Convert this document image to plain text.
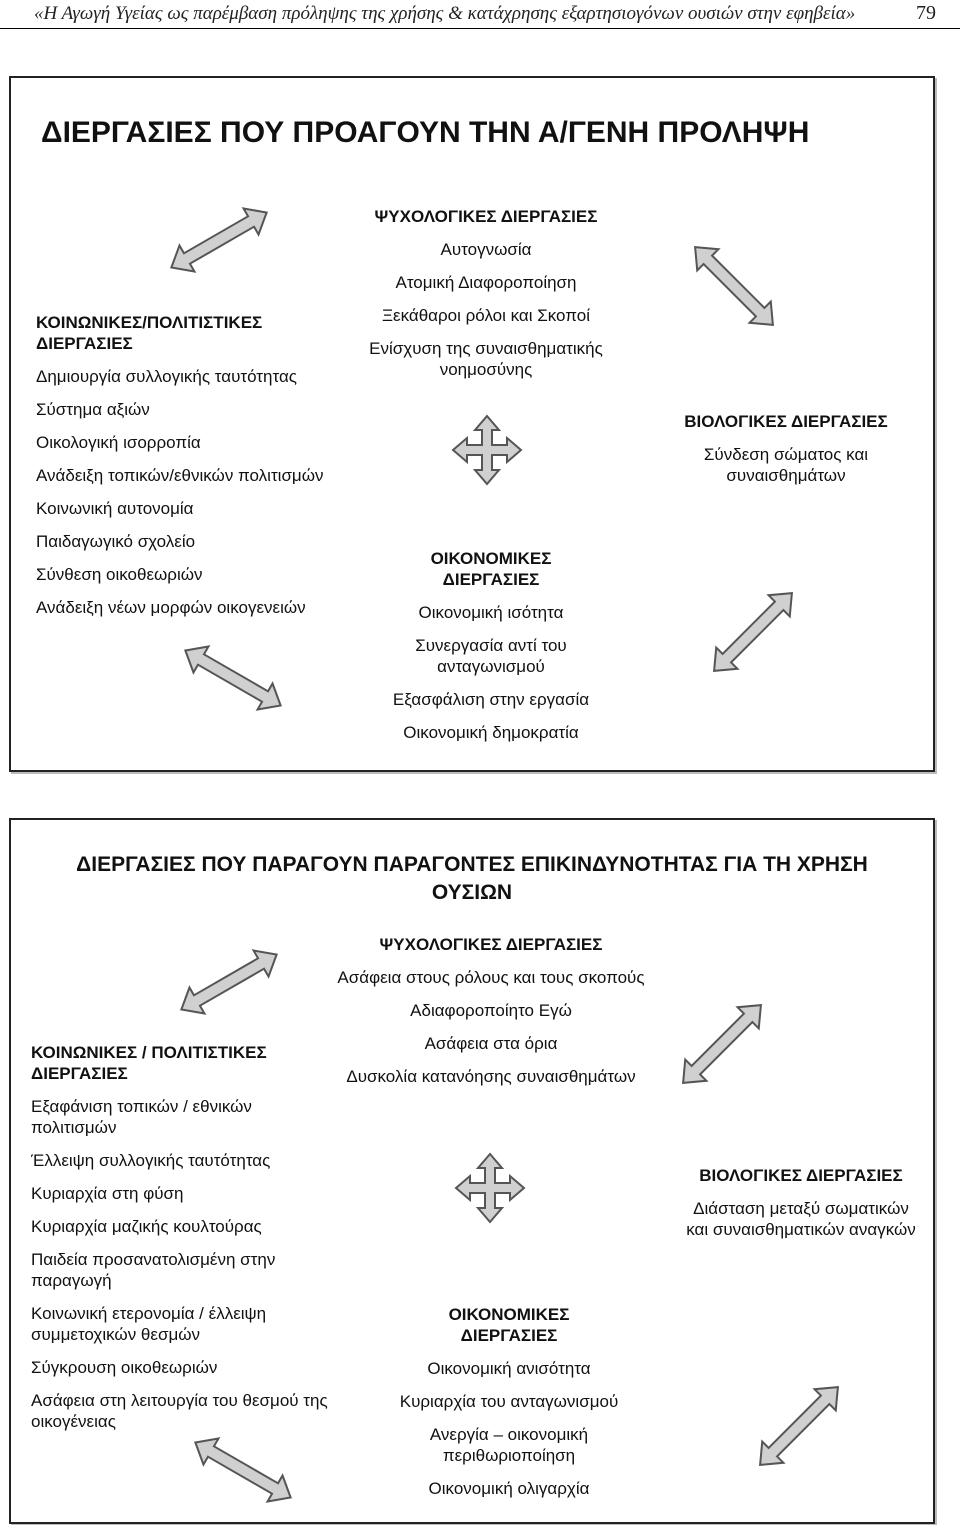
«Η Αγωγή Υγείας ως παρέμβαση πρόληψης της χρήσης & κατάχρησης εξαρτησιογόνων ουσιών στην εφηβεία»	79
ΔΙΕΡΓΑΣΙΕΣ ΠΟΥ ΠΡΟΑΓΟΥΝ ΤΗΝ Α/ΓΕΝΗ ΠΡΟΛΗΨΗ
ΨΥΧΟΛΟΓΙΚΕΣ ΔΙΕΡΓΑΣΙΕΣ
Αυτογνωσία
Ατομική Διαφοροποίηση
Ξεκάθαροι ρόλοι και Σκοποί
Ενίσχυση της συναισθηματικής νοημοσύνης
ΚΟΙΝΩΝΙΚΕΣ/ΠΟΛΙΤΙΣΤΙΚΕΣ ΔΙΕΡΓΑΣΙΕΣ
Δημιουργία συλλογικής ταυτότητας
Σύστημα αξιών
Οικολογική ισορροπία
Ανάδειξη τοπικών/εθνικών πολιτισμών
Κοινωνική αυτονομία
Παιδαγωγικό σχολείο
Σύνθεση οικοθεωριών
Ανάδειξη νέων μορφών οικογενειών
ΒΙΟΛΟΓΙΚΕΣ ΔΙΕΡΓΑΣΙΕΣ
Σύνδεση σώματος και συναισθημάτων
ΟΙΚΟΝΟΜΙΚΕΣ ΔΙΕΡΓΑΣΙΕΣ
Οικονομική ισότητα
Συνεργασία αντί του ανταγωνισμού
Εξασφάλιση στην εργασία
Οικονομική δημοκρατία
ΔΙΕΡΓΑΣΙΕΣ ΠΟΥ ΠΑΡΑΓΟΥΝ ΠΑΡΑΓΟΝΤΕΣ ΕΠΙΚΙΝΔΥΝΟΤΗΤΑΣ ΓΙΑ ΤΗ ΧΡΗΣΗ ΟΥΣΙΩΝ
ΨΥΧΟΛΟΓΙΚΕΣ ΔΙΕΡΓΑΣΙΕΣ
Ασάφεια στους ρόλους και τους σκοπούς
Αδιαφοροποίητο Εγώ
Ασάφεια στα όρια
Δυσκολία κατανόησης συναισθημάτων
ΚΟΙΝΩΝΙΚΕΣ / ΠΟΛΙΤΙΣΤΙΚΕΣ ΔΙΕΡΓΑΣΙΕΣ
Εξαφάνιση τοπικών / εθνικών πολιτισμών
Έλλειψη συλλογικής ταυτότητας
Κυριαρχία στη φύση
Κυριαρχία μαζικής κουλτούρας
Παιδεία προσανατολισμένη στην παραγωγή
Κοινωνική ετερονομία / έλλειψη συμμετοχικών θεσμών
Σύγκρουση οικοθεωριών
Ασάφεια στη λειτουργία του θεσμού της οικογένειας
ΒΙΟΛΟΓΙΚΕΣ ΔΙΕΡΓΑΣΙΕΣ
Διάσταση μεταξύ σωματικών και συναισθηματικών αναγκών
ΟΙΚΟΝΟΜΙΚΕΣ ΔΙΕΡΓΑΣΙΕΣ
Οικονομική ανισότητα
Κυριαρχία του ανταγωνισμού
Ανεργία – οικονομική περιθωριοποίηση
Οικονομική ολιγαρχία
